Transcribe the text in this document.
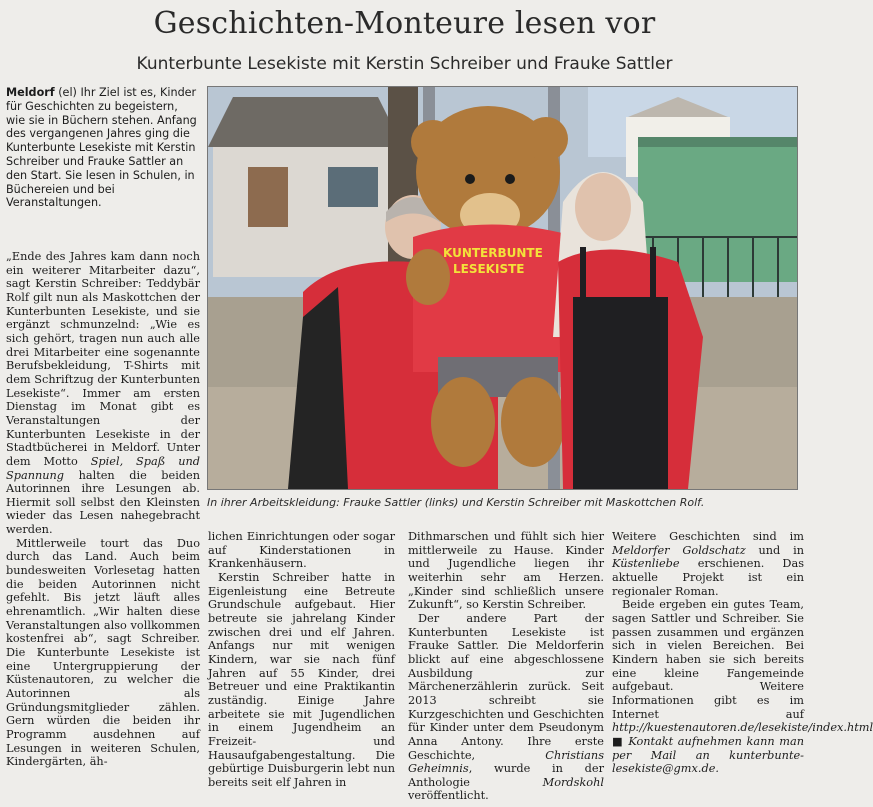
Geschichten-Monteure lesen vor
Kunterbunte Lesekiste mit Kerstin Schreiber und Frauke Sattler
Meldorf (el) Ihr Ziel ist es, Kinder für Geschichten zu begeistern, wie sie in Büchern stehen. Anfang des vergangenen Jahres ging die Kunterbunte Lesekiste mit Kerstin Schreiber und Frauke Sattler an den Start. Sie lesen in Schulen, in Büchereien und bei Veranstaltungen.

„Ende des Jahres kam dann noch ein weiterer Mitarbeiter dazu“, sagt Kerstin Schreiber: Teddybär Rolf gilt nun als Maskottchen der Kunterbunten Lesekiste, und sie ergänzt schmunzelnd: „Wie es sich gehört, tragen nun auch alle drei Mitarbeiter eine sogenannte Berufsbekleidung, T-Shirts mit dem Schriftzug der Kunterbunten Lesekiste“. Immer am ersten Dienstag im Monat gibt es Veranstaltungen der Kunterbunten Lesekiste in der Stadtbücherei in Meldorf. Unter dem Motto Spiel, Spaß und Spannung halten die beiden Autorinnen ihre Lesungen ab. Hiermit soll selbst den Kleinsten wieder das Lesen nahegebracht werden.

Mittlerweile tourt das Duo durch das Land. Auch beim bundesweiten Vorlesetag hatten die beiden Autorinnen nicht gefehlt. Bis jetzt läuft alles ehrenamtlich. „Wir halten diese Veranstaltungen also vollkommen kostenfrei ab“, sagt Schreiber. Die Kunterbunte Lesekiste ist eine Untergruppierung der Küstenautoren, zu welcher die Autorinnen als Gründungsmitglieder zählen. Gern würden die beiden ihr Programm ausdehnen auf Lesungen in weiteren Schulen, Kindergärten, äh-

KUNTERBUNTE
LESEKISTE
In ihrer Arbeitskleidung: Frauke Sattler (links) und Kerstin Schreiber mit Maskottchen Rolf.

lichen Einrichtungen oder sogar auf Kinderstationen in Krankenhäusern.

Kerstin Schreiber hatte in Eigenleistung eine Betreute Grundschule aufgebaut. Hier betreute sie jahrelang Kinder zwischen drei und elf Jahren. Anfangs nur mit wenigen Kindern, war sie nach fünf Jahren auf 55 Kinder, drei Betreuer und eine Praktikantin zuständig. Einige Jahre arbeitete sie mit Jugendlichen in einem Jugendheim an Freizeit- und Hausaufgabengestaltung. Die gebürtige Duisburgerin lebt nun bereits seit elf Jahren in

Dithmarschen und fühlt sich hier mittlerweile zu Hause. Kinder und Jugendliche liegen ihr weiterhin sehr am Herzen. „Kinder sind schließlich unsere Zukunft“, so Kerstin Schreiber.

Der andere Part der Kunterbunten Lesekiste ist Frauke Sattler. Die Meldorferin blickt auf eine abgeschlossene Ausbildung zur Märchenerzählerin zurück. Seit 2013 schreibt sie Kurzgeschichten und Geschichten für Kinder unter dem Pseudonym Anna Antony. Ihre erste Geschichte, Christians Geheimnis, wurde in der Anthologie Mordskohl veröffentlicht.

Weitere Geschichten sind im Meldorfer Goldschatz und in Küstenliebe erschienen. Das aktuelle Projekt ist ein regionaler Roman.

Beide ergeben ein gutes Team, sagen Sattler und Schreiber. Sie passen zusammen und ergänzen sich in vielen Bereichen. Bei Kindern haben sie sich bereits eine kleine Fangemeinde aufgebaut. Weitere Informationen gibt es im Internet auf http://kuestenautoren.de/lesekiste/index.html

■ Kontakt aufnehmen kann man per Mail an kunterbunte-lesekiste@gmx.de.
